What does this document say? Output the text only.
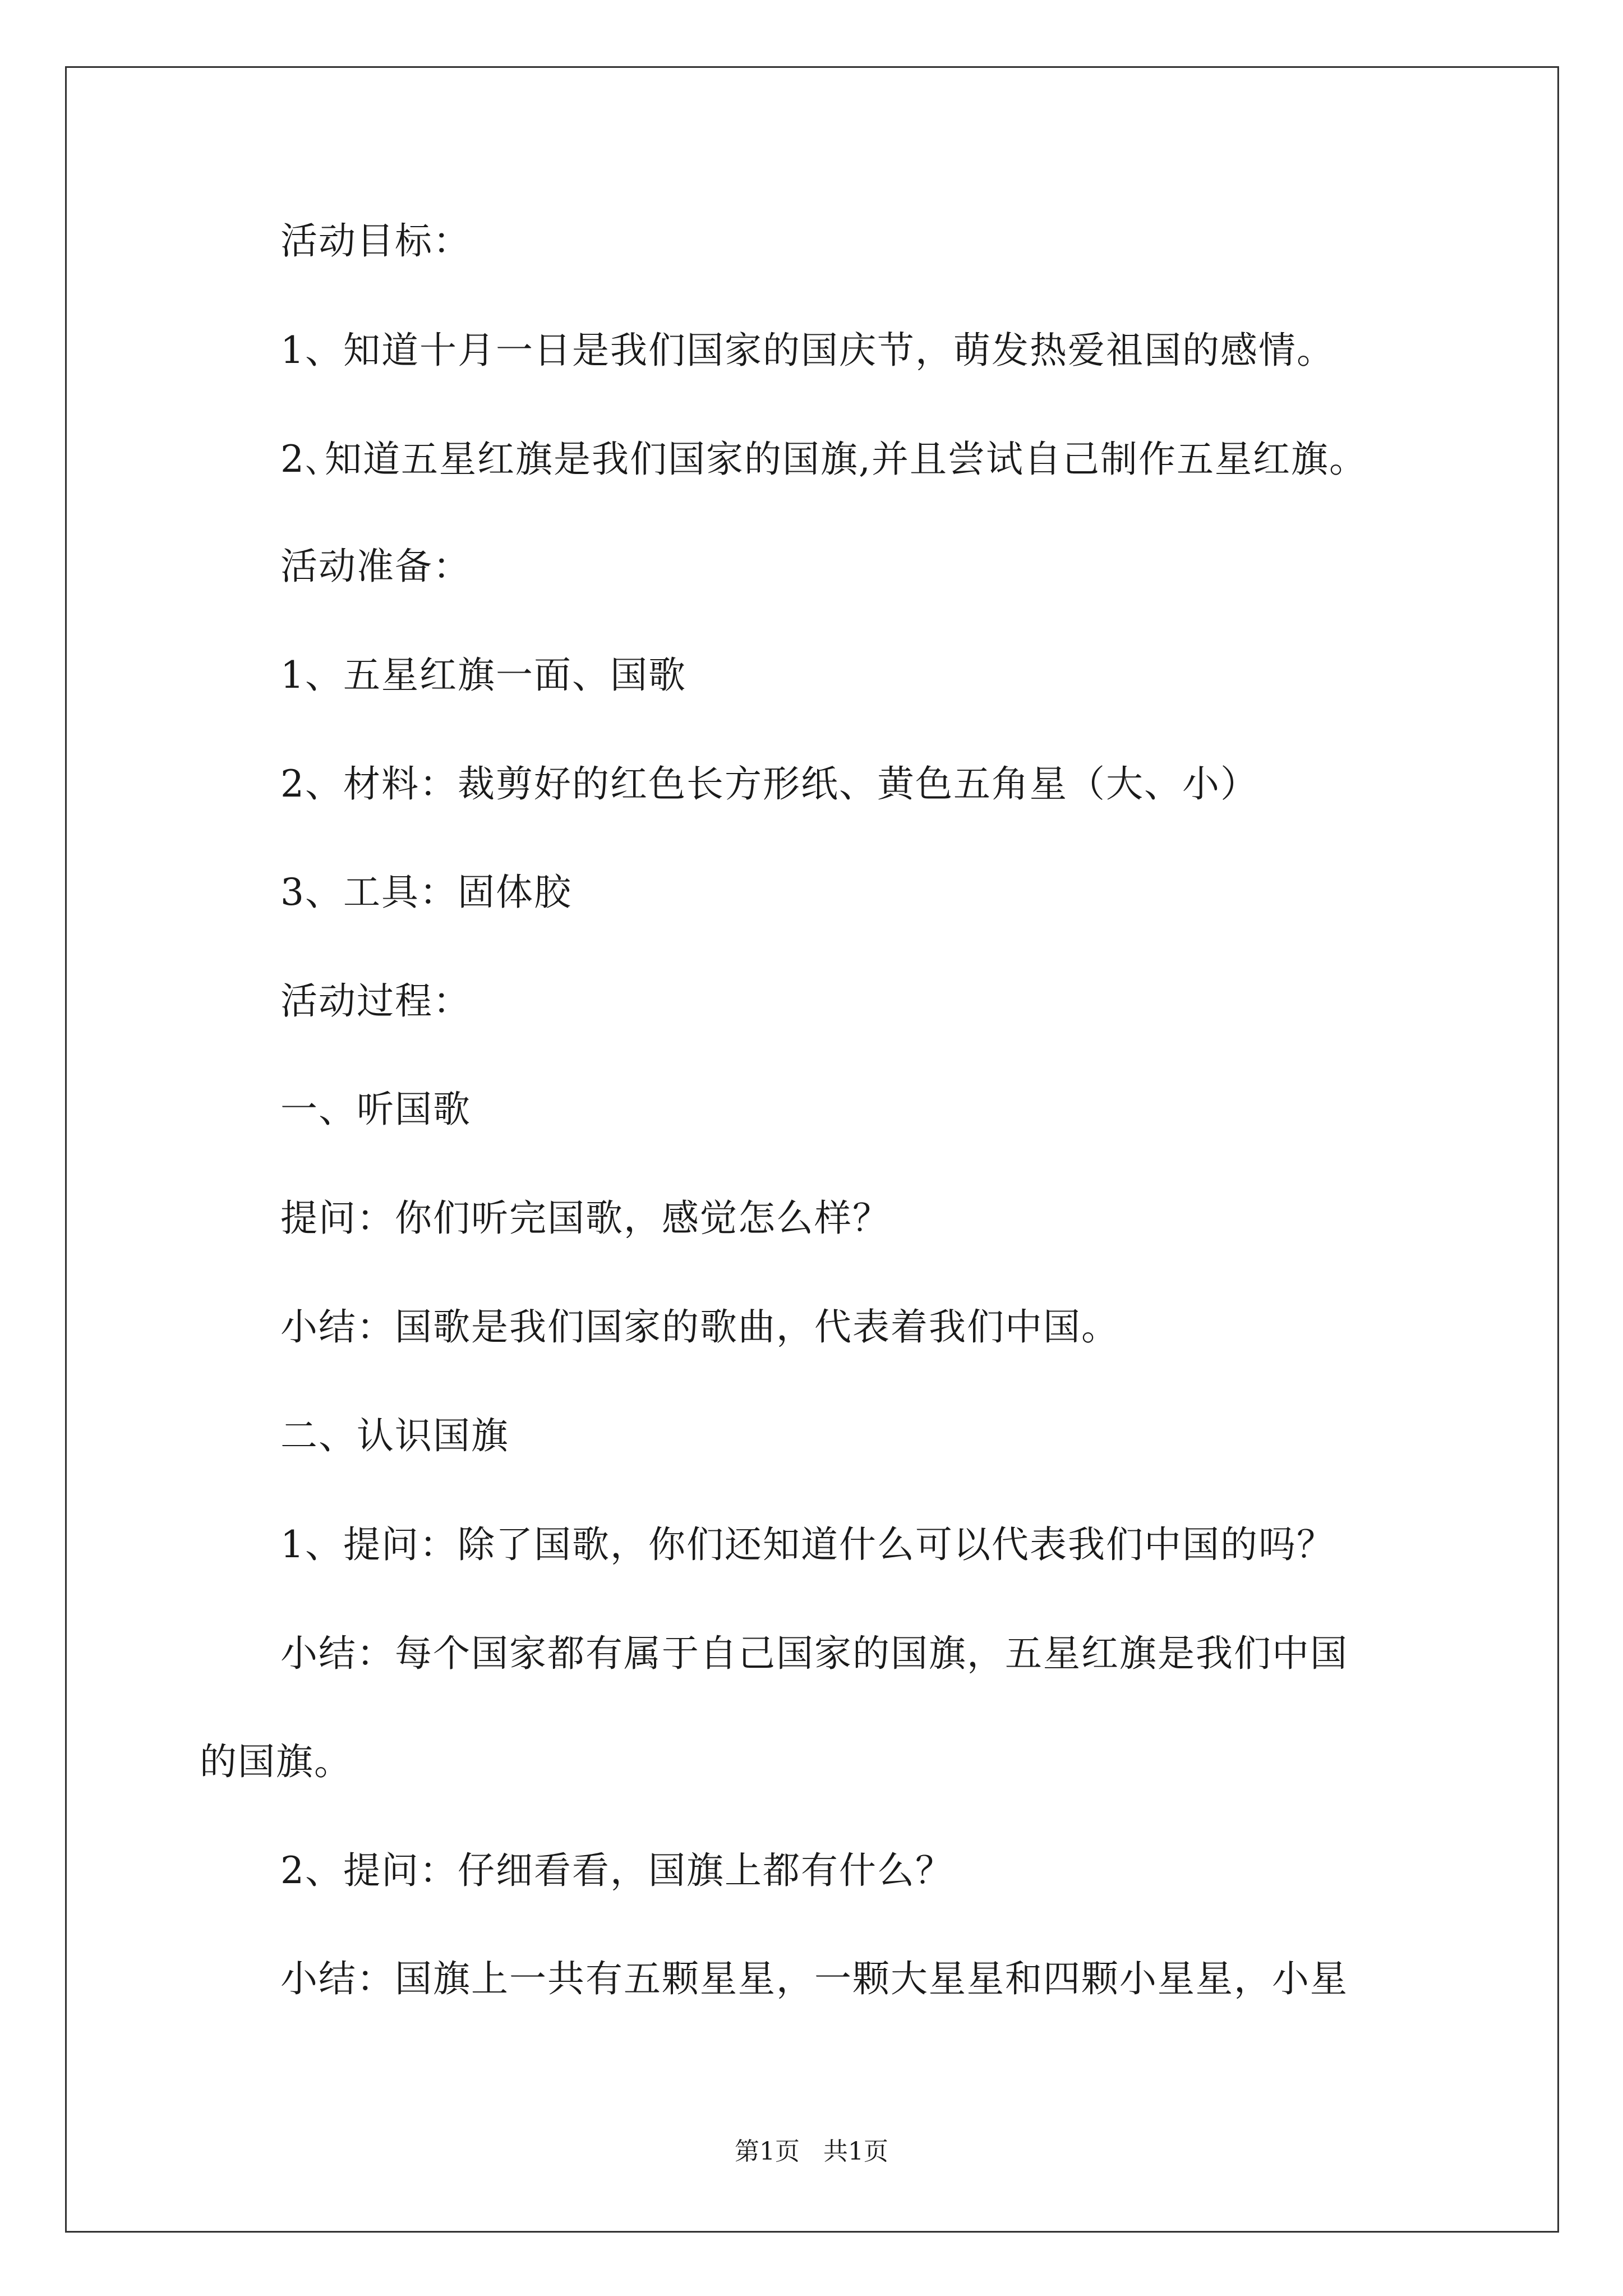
活动目标：
1、知道十月一日是我们国家的国庆节，萌发热爱祖国的感情。
2､知道五星红旗是我们国家的国旗,并且尝试自己制作五星红旗。
活动准备：
1、五星红旗一面、国歌
2、材料：裁剪好的红色长方形纸、黄色五角星（大、小）
3、工具：固体胶
活动过程：
一、听国歌
提问：你们听完国歌，感觉怎么样？
小结：国歌是我们国家的歌曲，代表着我们中国。
二、认识国旗
1、提问：除了国歌，你们还知道什么可以代表我们中国的吗？
小结：每个国家都有属于自己国家的国旗，五星红旗是我们中国
的国旗。
2、提问：仔细看看，国旗上都有什么？
小结：国旗上一共有五颗星星，一颗大星星和四颗小星星，小星
第1页   共1页
